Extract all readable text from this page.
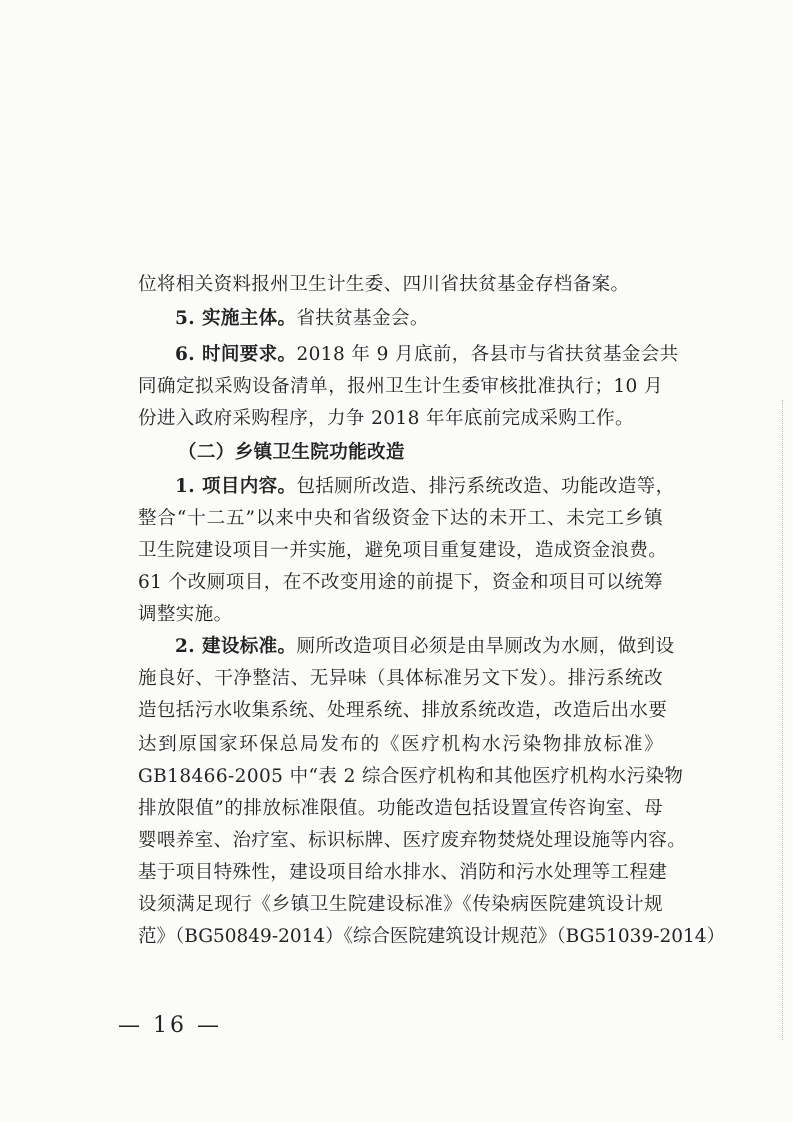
位将相关资料报州卫生计生委、四川省扶贫基金存档备案。
5. 实施主体。省扶贫基金会。
6. 时间要求。2018 年 9 月底前，各县市与省扶贫基金会共
同确定拟采购设备清单，报州卫生计生委审核批准执行；10 月
份进入政府采购程序，力争 2018 年年底前完成采购工作。
（二）乡镇卫生院功能改造
1. 项目内容。包括厕所改造、排污系统改造、功能改造等，
整合“十二五”以来中央和省级资金下达的未开工、未完工乡镇
卫生院建设项目一并实施，避免项目重复建设，造成资金浪费。
61 个改厕项目，在不改变用途的前提下，资金和项目可以统筹
调整实施。
2. 建设标准。厕所改造项目必须是由旱厕改为水厕，做到设
施良好、干净整洁、无异味（具体标准另文下发）。排污系统改
造包括污水收集系统、处理系统、排放系统改造，改造后出水要
达到原国家环保总局发布的《医疗机构水污染物排放标准》
GB18466-2005 中“表 2 综合医疗机构和其他医疗机构水污染物
排放限值”的排放标准限值。功能改造包括设置宣传咨询室、母
婴喂养室、治疗室、标识标牌、医疗废弃物焚烧处理设施等内容。
基于项目特殊性，建设项目给水排水、消防和污水处理等工程建
设须满足现行《乡镇卫生院建设标准》《传染病医院建筑设计规
范》（BG50849-2014）《综合医院建筑设计规范》（BG51039-2014）
— 16 —
